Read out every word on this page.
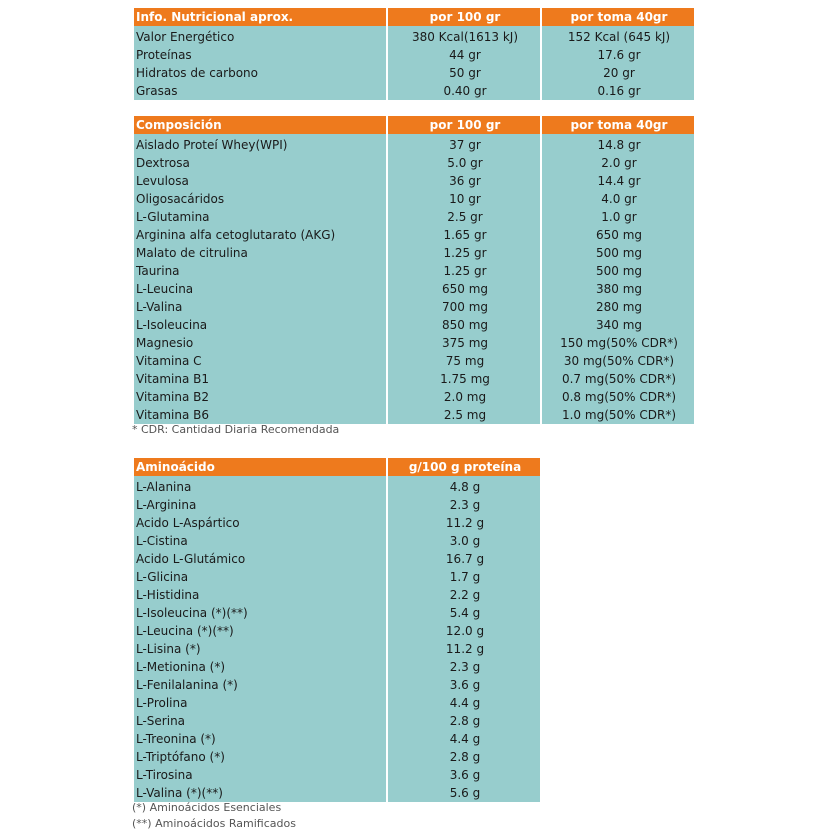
Info. Nutricional aprox.	por 100 gr	por toma 40gr
Valor Energético	380 Kcal(1613 kJ)	152 Kcal (645 kJ)
Proteínas	44 gr	17.6 gr
Hidratos de carbono	50 gr	20 gr
Grasas	0.40 gr	0.16 gr
Composición	por 100 gr	por toma 40gr
Aislado Proteí Whey(WPI)	37 gr	14.8 gr
Dextrosa	5.0 gr	2.0 gr
Levulosa	36 gr	14.4 gr
Oligosacáridos	10 gr	4.0 gr
L-Glutamina	2.5 gr	1.0 gr
Arginina alfa cetoglutarato (AKG)	1.65 gr	650 mg
Malato de citrulina	1.25 gr	500 mg
Taurina	1.25 gr	500 mg
L-Leucina	650 mg	380 mg
L-Valina	700 mg	280 mg
L-Isoleucina	850 mg	340 mg
Magnesio	375 mg	150 mg(50% CDR*)
Vitamina C	75 mg	30 mg(50% CDR*)
Vitamina B1	1.75 mg	0.7 mg(50% CDR*)
Vitamina B2	2.0 mg	0.8 mg(50% CDR*)
Vitamina B6	2.5 mg	1.0 mg(50% CDR*)
* CDR: Cantidad Diaria Recomendada
Aminoácido	g/100 g proteína
L-Alanina	4.8 g
L-Arginina	2.3 g
Acido L-Aspártico	11.2 g
L-Cistina	3.0 g
Acido L-Glutámico	16.7 g
L-Glicina	1.7 g
L-Histidina	2.2 g
L-Isoleucina (*)(**)	5.4 g
L-Leucina (*)(**)	12.0 g
L-Lisina (*)	11.2 g
L-Metionina (*)	2.3 g
L-Fenilalanina (*)	3.6 g
L-Prolina	4.4 g
L-Serina	2.8 g
L-Treonina (*)	4.4 g
L-Triptófano (*)	2.8 g
L-Tirosina	3.6 g
L-Valina (*)(**)	5.6 g
(*) Aminoácidos Esenciales
(**) Aminoácidos Ramificados
